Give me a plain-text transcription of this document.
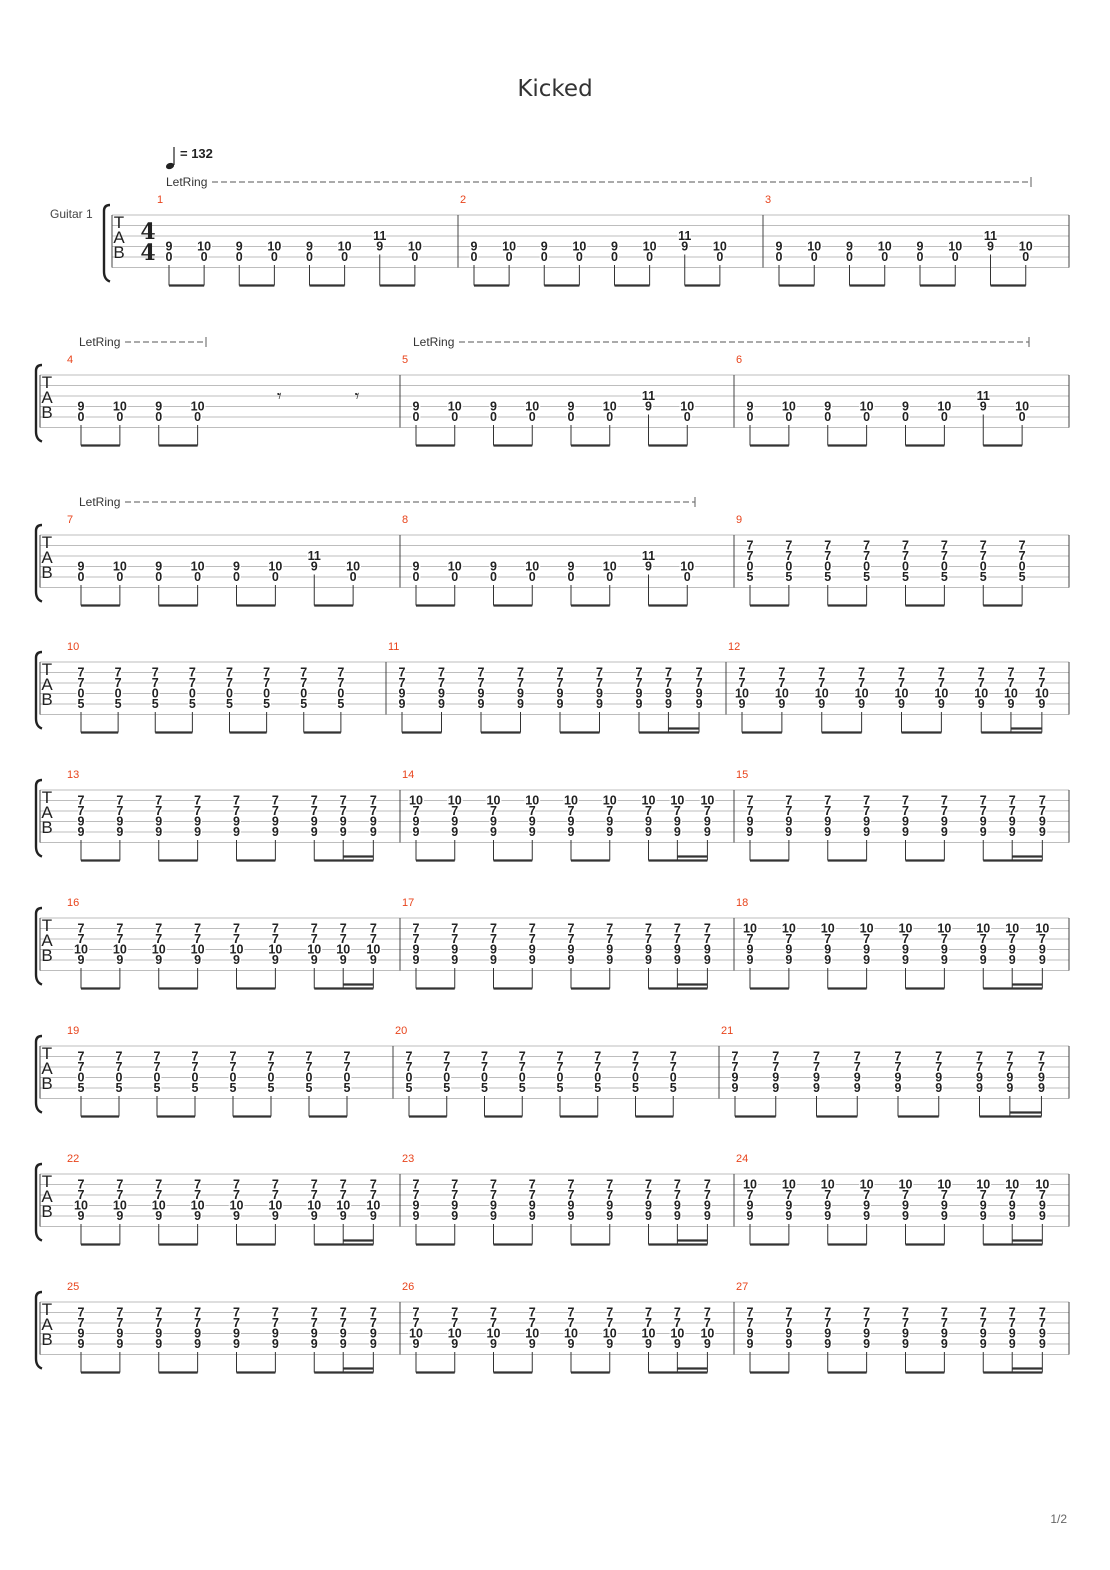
Kicked
Guitar 1
= 132
T
A
B
4
4
1
9
0
10
0
9
0
10
0
9
0
10
0
11
9 10
0
2
9
0
10
0
9
0
10
0
9
0
10
0
11
9 10
0
3
9
0
10
0
9
0
10
0
9
0
10
0
11
9 10
0
LetRing
T
A
B
4
9
0
10
0
9
0
10
0
𝄾	𝄾
5
9
0
10
0
9
0
10
0
9
0
10
0
11
9 10
0
6
9
0
10
0
9
0
10
0
9
0
10
0
11
9 10
0
LetRing	LetRing
T
A
B
7
9
0
10
0
9
0
10
0
9
0
10
0
11
9 10
0
8
9
0
10
0
9
0
10
0
9
0
10
0
11
9 10
0
9
7
7
0
5
7
7
0
5
7
7
0
5
7
7
0
5
7
7
0
5
7
7
0
5
7
7
0
5
7
7
0
5
LetRing
T
A
B
10
7
7
0
5
7
7
0
5
7
7
0
5
7
7
0
5
7
7
0
5
7
7
0
5
7
7
0
5
7
7
0
5
11
7
7
9
9
7
7
9
9
7
7
9
9
7
7
9
9
7
7
9
9
7
7
9
9
7
7
9
9
7
7
9
9
7
7
9
9
12
7
7
10
9
7
7
10
9
7
7
10
9
7
7
10
9
7
7
10
9
7
7
10
9
7
7
10
9
7
7
10
9
7
7
10
9
T
A
B
13
7
7
9
9
7
7
9
9
7
7
9
9
7
7
9
9
7
7
9
9
7
7
9
9
7
7
9
9
7
7
9
9
7
7
9
9
14
10
7
9
9
10
7
9
9
10
7
9
9
10
7
9
9
10
7
9
9
10
7
9
9
10
7
9
9
10
7
9
9
10
7
9
9
15
7
7
9
9
7
7
9
9
7
7
9
9
7
7
9
9
7
7
9
9
7
7
9
9
7
7
9
9
7
7
9
9
7
7
9
9
T
A
B
16
7
7
10
9
7
7
10
9
7
7
10
9
7
7
10
9
7
7
10
9
7
7
10
9
7
7
10
9
7
7
10
9
7
7
10
9
17
7
7
9
9
7
7
9
9
7
7
9
9
7
7
9
9
7
7
9
9
7
7
9
9
7
7
9
9
7
7
9
9
7
7
9
9
18
10
7
9
9
10
7
9
9
10
7
9
9
10
7
9
9
10
7
9
9
10
7
9
9
10
7
9
9
10
7
9
9
10
7
9
9
T
A
B
19
7
7
0
5
7
7
0
5
7
7
0
5
7
7
0
5
7
7
0
5
7
7
0
5
7
7
0
5
7
7
0
5
20
7
7
0
5
7
7
0
5
7
7
0
5
7
7
0
5
7
7
0
5
7
7
0
5
7
7
0
5
7
7
0
5
21
7
7
9
9
7
7
9
9
7
7
9
9
7
7
9
9
7
7
9
9
7
7
9
9
7
7
9
9
7
7
9
9
7
7
9
9
T
A
B
22
7
7
10
9
7
7
10
9
7
7
10
9
7
7
10
9
7
7
10
9
7
7
10
9
7
7
10
9
7
7
10
9
7
7
10
9
23
7
7
9
9
7
7
9
9
7
7
9
9
7
7
9
9
7
7
9
9
7
7
9
9
7
7
9
9
7
7
9
9
7
7
9
9
24
10
7
9
9
10
7
9
9
10
7
9
9
10
7
9
9
10
7
9
9
10
7
9
9
10
7
9
9
10
7
9
9
10
7
9
9
T
A
B
25
7
7
9
9
7
7
9
9
7
7
9
9
7
7
9
9
7
7
9
9
7
7
9
9
7
7
9
9
7
7
9
9
7
7
9
9
26
7
7
10
9
7
7
10
9
7
7
10
9
7
7
10
9
7
7
10
9
7
7
10
9
7
7
10
9
7
7
10
9
7
7
10
9
27
7
7
9
9
7
7
9
9
7
7
9
9
7
7
9
9
7
7
9
9
7
7
9
9
7
7
9
9
7
7
9
9
7
7
9
9
1/2
